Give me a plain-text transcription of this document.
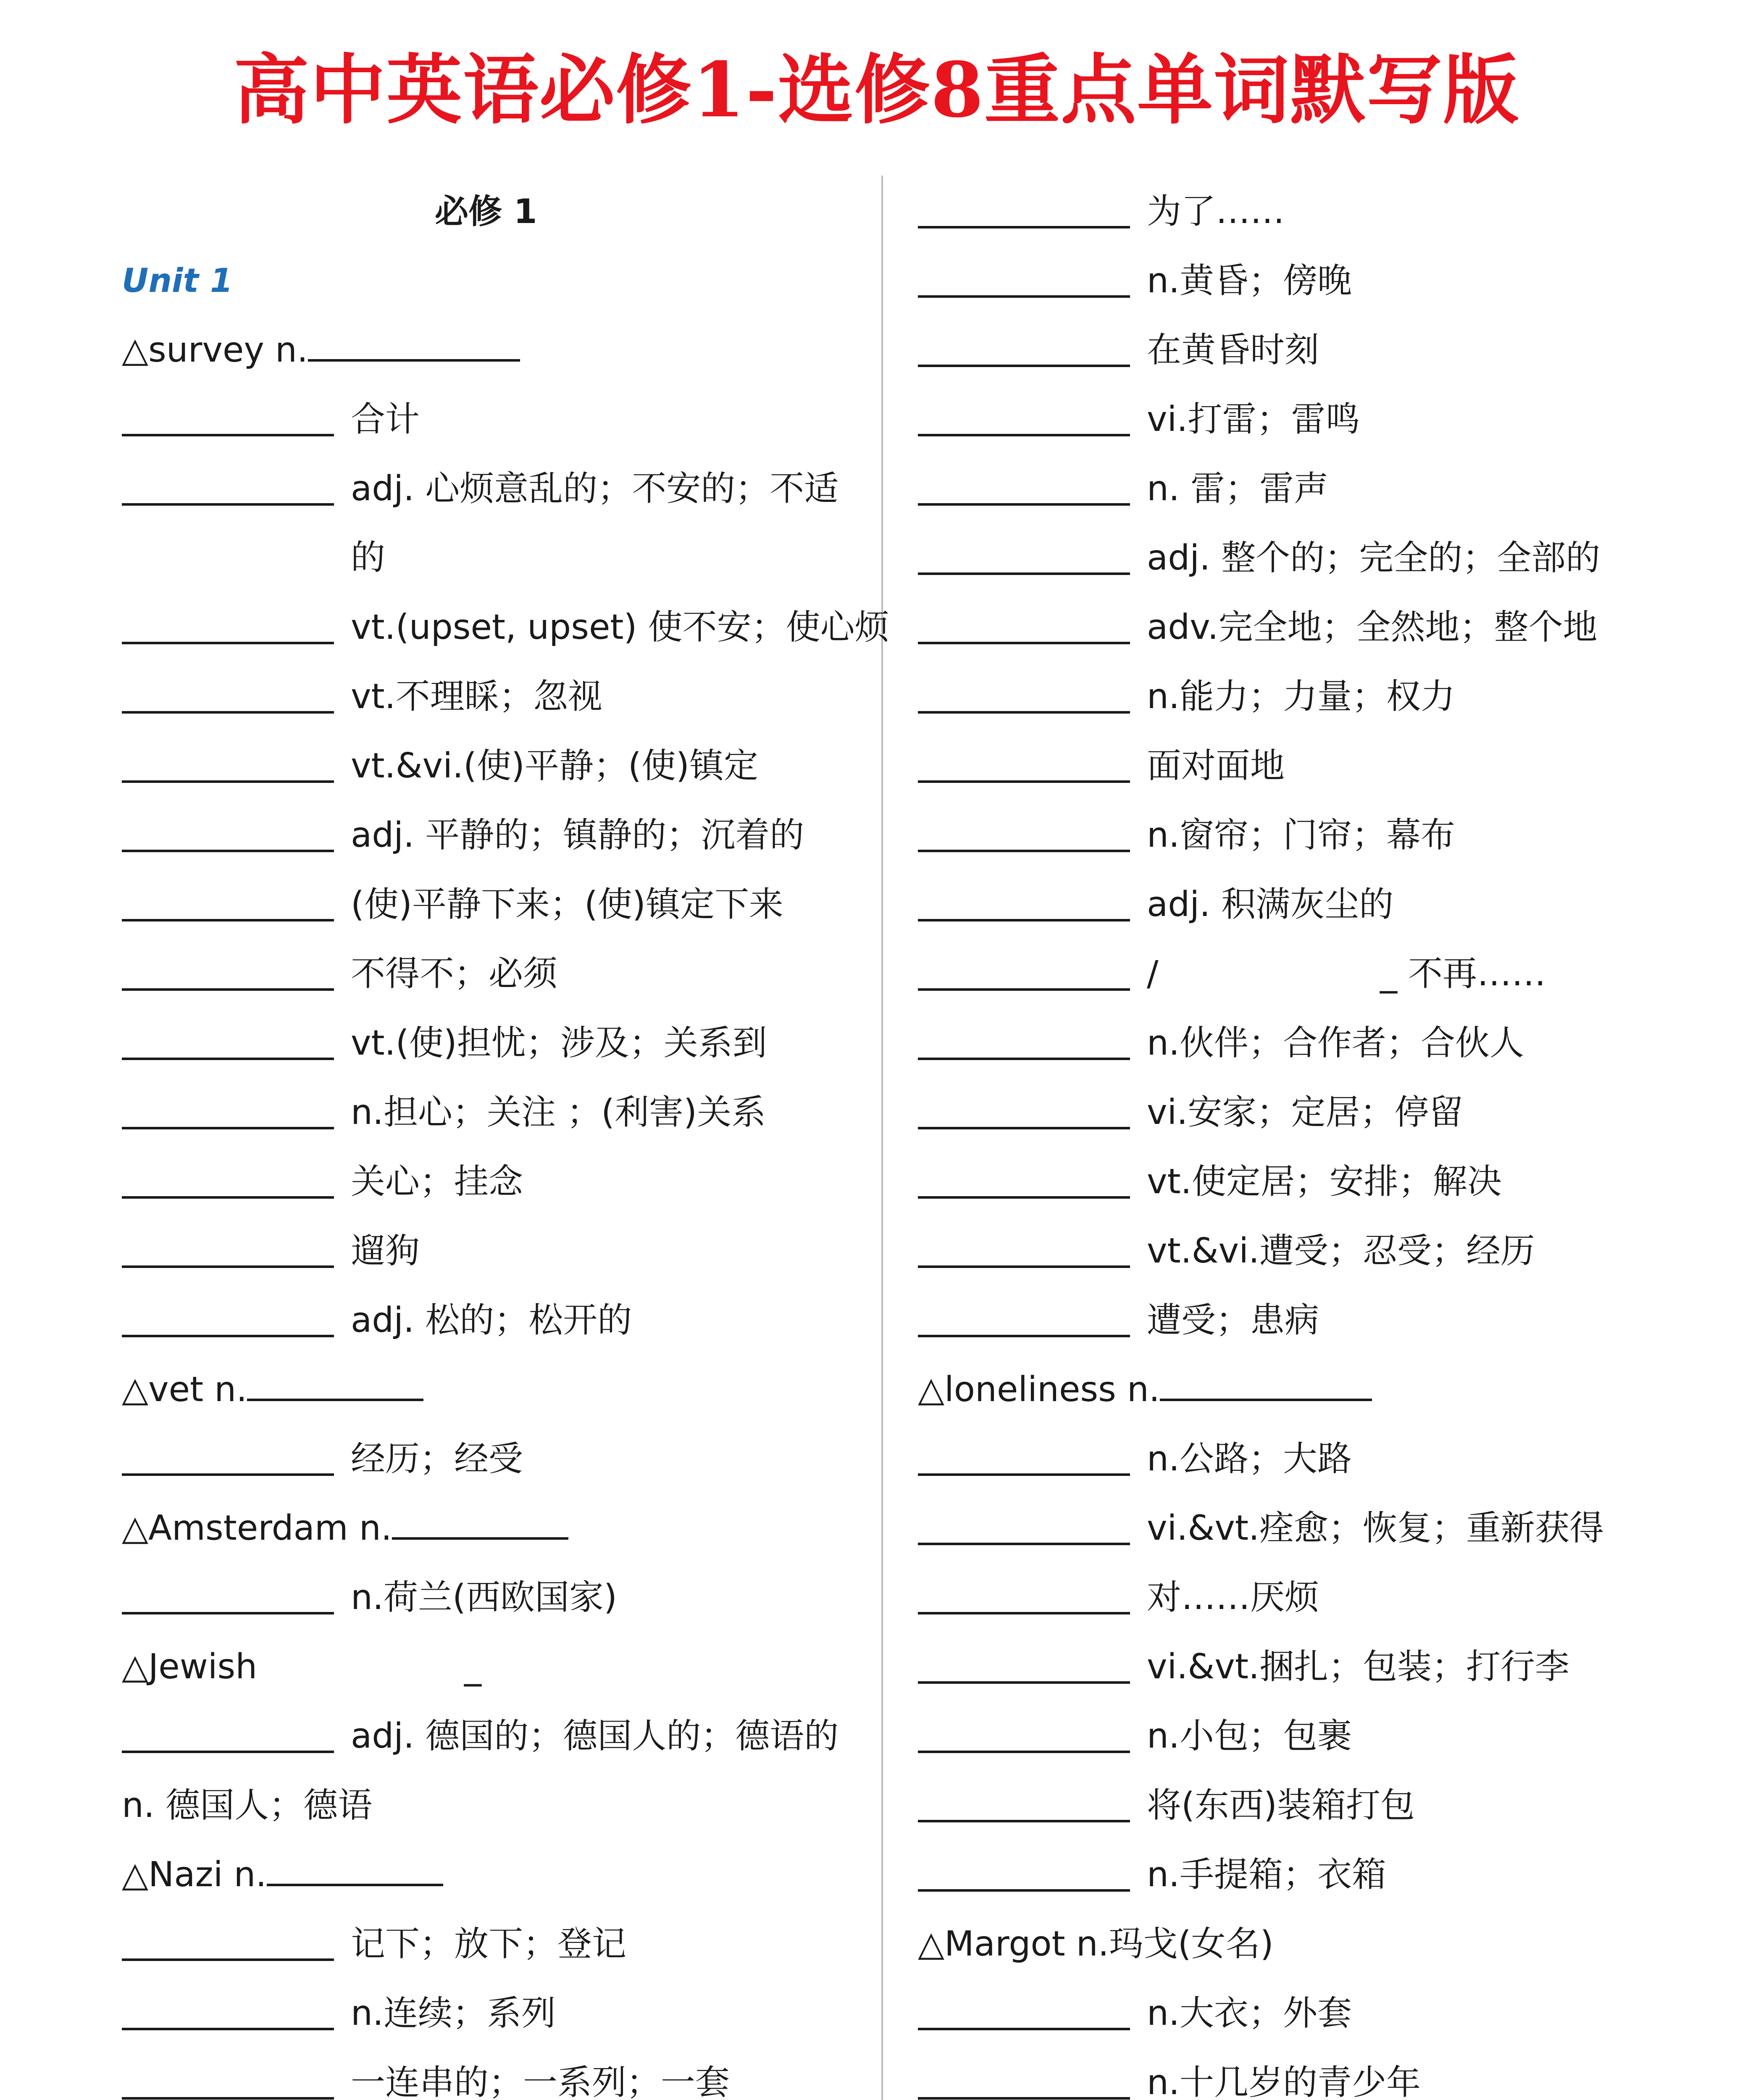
高中英语必修1-选修8重点单词默写版
必修 1
Unit 1
△survey n.
合计
adj. 心烦意乱的；不安的；不适的
vt.(upset, upset) 使不安；使心烦
vt.不理睬；忽视
vt.&vi.(使)平静；(使)镇定
adj. 平静的；镇静的；沉着的
(使)平静下来；(使)镇定下来
不得不；必须
vt.(使)担忧；涉及；关系到
n.担心；关注 ；(利害)关系
关心；挂念
遛狗
adj. 松的；松开的
△vet n.
经历；经受
△Amsterdam n.
n.荷兰(西欧国家)
△Jewish	_
adj. 德国的；德国人的；德语的
n. 德国人；德语
△Nazi n.
记下；放下；登记
n.连续；系列
一连串的；一系列；一套
为了……
n.黄昏；傍晚
在黄昏时刻
vi.打雷；雷鸣
n. 雷；雷声
adj. 整个的；完全的；全部的
adv.完全地；全然地；整个地
n.能力；力量；权力
面对面地
n.窗帘；门帘；幕布
adj. 积满灰尘的
/	_ 不再……
n.伙伴；合作者；合伙人
vi.安家；定居；停留
vt.使定居；安排；解决
vt.&vi.遭受；忍受；经历
遭受；患病
△loneliness n.
n.公路；大路
vi.&vt.痊愈；恢复；重新获得
对……厌烦
vi.&vt.捆扎；包装；打行李
n.小包；包裹
将(东西)装箱打包
n.手提箱；衣箱
△Margot n.玛戈(女名)
n.大衣；外套
n.十几岁的青少年
